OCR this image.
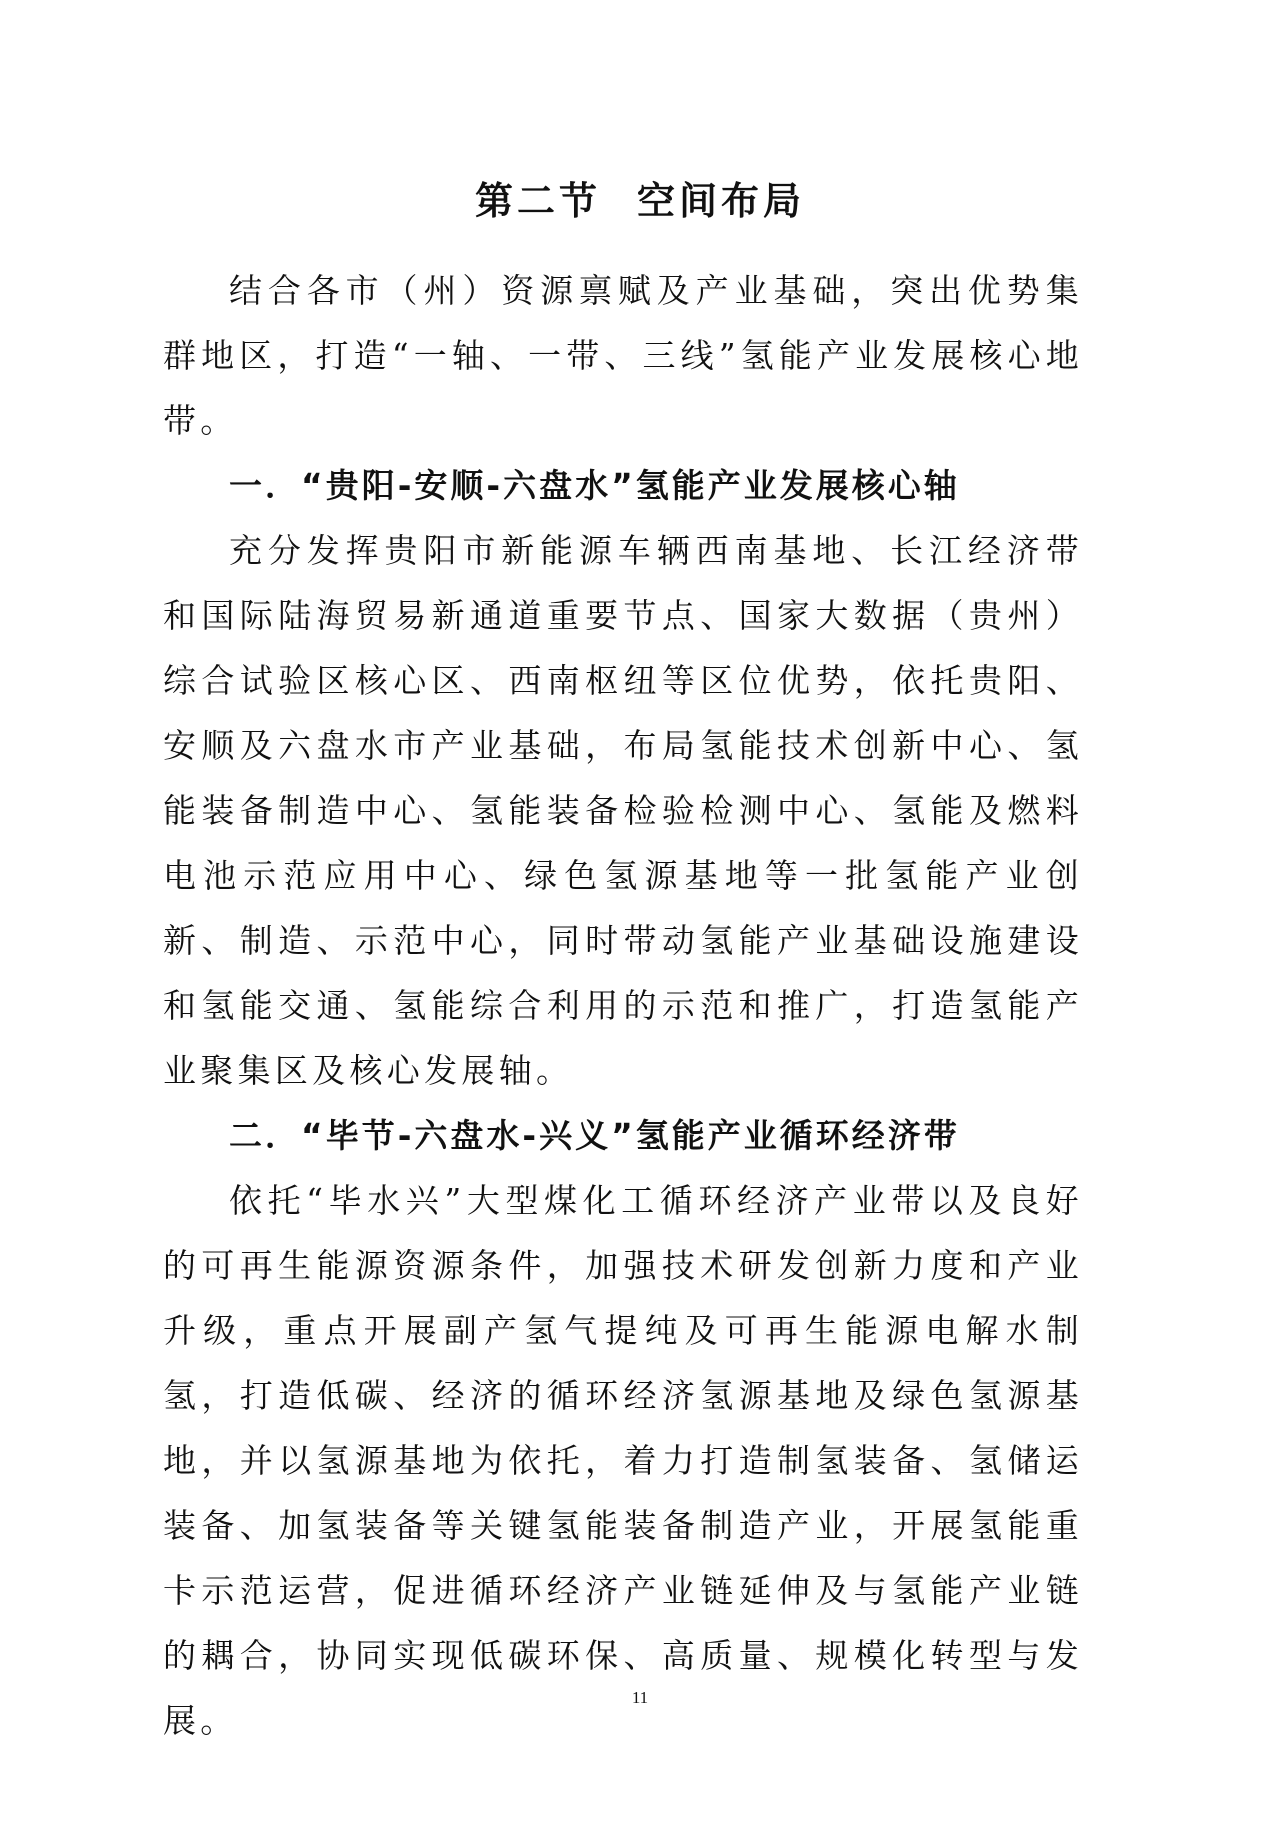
第二节 空间布局

结合各市（州）资源禀赋及产业基础，突出优势集群地区，打造“一轴、一带、三线”氢能产业发展核心地带。

一．“贵阳-安顺-六盘水”氢能产业发展核心轴

充分发挥贵阳市新能源车辆西南基地、长江经济带和国际陆海贸易新通道重要节点、国家大数据（贵州）综合试验区核心区、西南枢纽等区位优势，依托贵阳、安顺及六盘水市产业基础，布局氢能技术创新中心、氢能装备制造中心、氢能装备检验检测中心、氢能及燃料电池示范应用中心、绿色氢源基地等一批氢能产业创新、制造、示范中心，同时带动氢能产业基础设施建设和氢能交通、氢能综合利用的示范和推广，打造氢能产业聚集区及核心发展轴。

二．“毕节-六盘水-兴义”氢能产业循环经济带

依托“毕水兴”大型煤化工循环经济产业带以及良好的可再生能源资源条件，加强技术研发创新力度和产业升级，重点开展副产氢气提纯及可再生能源电解水制氢，打造低碳、经济的循环经济氢源基地及绿色氢源基地，并以氢源基地为依托，着力打造制氢装备、氢储运装备、加氢装备等关键氢能装备制造产业，开展氢能重卡示范运营，促进循环经济产业链延伸及与氢能产业链的耦合，协同实现低碳环保、高质量、规模化转型与发展。

11
